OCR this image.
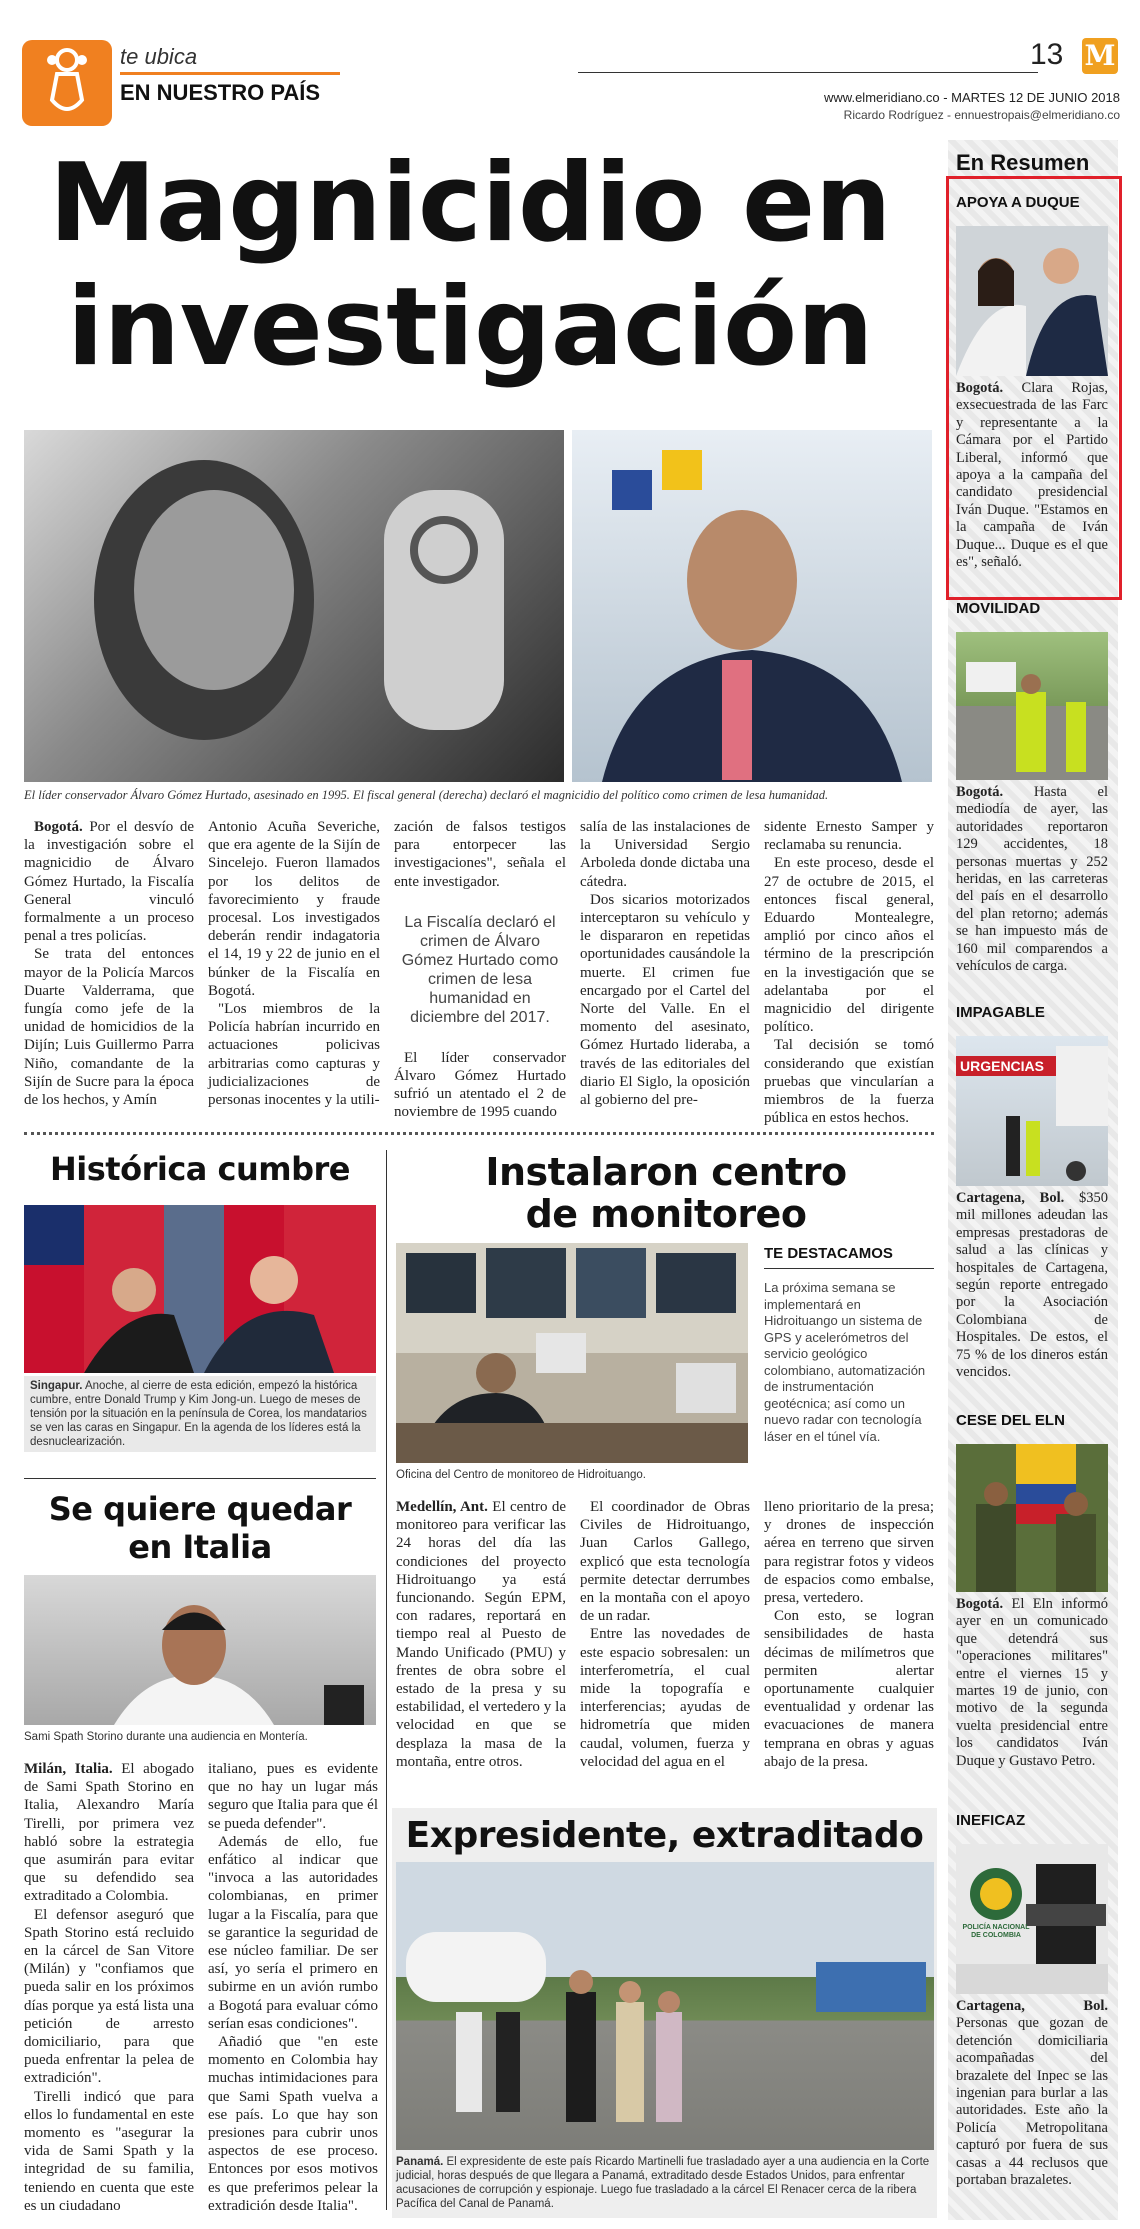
te ubica
EN NUESTRO PAÍS
13 M
www.elmeridiano.co - MARTES 12 DE JUNIO 2018
Ricardo Rodríguez - ennuestropais@elmeridiano.co
Magnicidio en
investigación
El líder conservador Álvaro Gómez Hurtado, asesinado en 1995. El fiscal general (derecha) declaró el magnicidio del político como crimen de lesa humanidad.

Bogotá. Por el desvío de la investigación sobre el magnicidio de Álvaro Gómez Hurtado, la Fiscalía General vinculó formalmente a un proceso penal a tres policías.

Se trata del entonces mayor de la Policía Marcos Duarte Valderrama, que fungía como jefe de la unidad de homicidios de la Dijín; Luis Guillermo Parra Niño, comandante de la Sijín de Sucre para la época de los hechos, y Amín

Antonio Acuña Severiche, que era agente de la Sijín de Sincelejo. Fueron llamados por los delitos de favorecimiento y fraude procesal. Los investigados deberán rendir indagatoria el 14, 19 y 22 de junio en el búnker de la Fiscalía en Bogotá.

"Los miembros de la Policía habrían incurrido en actuaciones policivas arbitrarias como capturas y judicializaciones de personas inocentes y la utili-

zación de falsos testigos para entorpecer las investigaciones", señala el ente investigador.

La Fiscalía declaró el crimen de Álvaro Gómez Hurtado como crimen de lesa humanidad en diciembre del 2017.

El líder conservador Álvaro Gómez Hurtado sufrió un atentado el 2 de noviembre de 1995 cuando

salía de las instalaciones de la Universidad Sergio Arboleda donde dictaba una cátedra.

Dos sicarios motorizados interceptaron su vehículo y le dispararon en repetidas oportunidades causándole la muerte. El crimen fue encargado por el Cartel del Norte del Valle. En el momento del asesinato, Gómez Hurtado lideraba, a través de las editoriales del diario El Siglo, la oposición al gobierno del pre-

sidente Ernesto Samper y reclamaba su renuncia.

En este proceso, desde el 27 de octubre de 2015, el entonces fiscal general, Eduardo Montealegre, amplió por cinco años el término de la prescripción en la investigación que se adelantaba por el magnicidio del dirigente político.

Tal decisión se tomó considerando que existían pruebas que vincularían a miembros de la fuerza pública en estos hechos.

Histórica cumbre
Singapur. Anoche, al cierre de esta edición, empezó la histórica cumbre, entre Donald Trump y Kim Jong-un. Luego de meses de tensión por la situación en la península de Corea, los mandatarios se ven las caras en Singapur. En la agenda de los líderes está la desnuclearización.
Se quiere quedar
en Italia
Sami Spath Storino durante una audiencia en Montería.

Milán, Italia. El abogado de Sami Spath Storino en Italia, Alexandro María Tirelli, por primera vez habló sobre la estrategia que asumirán para evitar que su defendido sea extraditado a Colombia.

El defensor aseguró que Spath Storino está recluido en la cárcel de San Vitore (Milán) y "confiamos que pueda salir en los próximos días porque ya está lista una petición de arresto domiciliario, para que pueda enfrentar la pelea de extradición".

Tirelli indicó que para ellos lo fundamental en este momento es "asegurar la vida de Sami Spath y la integridad de su familia, teniendo en cuenta que este es un ciudadano

italiano, pues es evidente que no hay un lugar más seguro que Italia para que él se pueda defender".

Además de ello, fue enfático al indicar que "invoca a las autoridades colombianas, en primer lugar a la Fiscalía, para que se garantice la seguridad de ese núcleo familiar. De ser así, yo sería el primero en subirme en un avión rumbo a Bogotá para evaluar cómo serían esas condiciones".

Añadió que "en este momento en Colombia hay muchas intimidaciones para que Sami Spath vuelva a ese país. Lo que hay son presiones para cubrir unos aspectos de ese proceso. Entonces por esos motivos es que preferimos pelear la extradición desde Italia".

Instalaron centro
de monitoreo
Oficina del Centro de monitoreo de Hidroituango.
TE DESTACAMOS
La próxima semana se implementará en Hidroituango un sistema de GPS y acelerómetros del servicio geológico colombiano, automatización de instrumentación geotécnica; así como un nuevo radar con tecnología láser en el túnel vía.

Medellín, Ant. El centro de monitoreo para verificar las 24 horas del día las condiciones del proyecto Hidroituango ya está funcionando. Según EPM, con radares, reportará en tiempo real al Puesto de Mando Unificado (PMU) y frentes de obra sobre el estado de la presa y su estabilidad, el vertedero y la velocidad en que se desplaza la masa de la montaña, entre otros.

El coordinador de Obras Civiles de Hidroituango, Juan Carlos Gallego, explicó que esta tecnología permite detectar derrumbes en la montaña con el apoyo de un radar.

Entre las novedades de este espacio sobresalen: un interferometría, el cual mide la topografía e interferencias; ayudas de hidrometría que miden caudal, volumen, fuerza y velocidad del agua en el

lleno prioritario de la presa; y drones de inspección aérea en terreno que sirven para registrar fotos y videos de espacios como embalse, presa, vertedero.

Con esto, se logran sensibilidades de hasta décimas de milímetros que permiten alertar oportunamente cualquier eventualidad y ordenar las evacuaciones de manera temprana en obras y aguas abajo de la presa.

Expresidente, extraditado
Panamá. El expresidente de este país Ricardo Martinelli fue trasladado ayer a una audiencia en la Corte judicial, horas después de que llegara a Panamá, extraditado desde Estados Unidos, para enfrentar acusaciones de corrupción y espionaje. Luego fue trasladado a la cárcel El Renacer cerca de la ribera Pacífica del Canal de Panamá.
En Resumen
APOYA A DUQUE
Bogotá. Clara Rojas, exsecuestrada de las Farc y representante a la Cámara por el Partido Liberal, informó que apoya a la campaña del candidato presidencial Iván Duque. "Estamos en la campaña de Iván Duque... Duque es el que es", señaló.
MOVILIDAD
Bogotá. Hasta el mediodía de ayer, las autoridades reportaron 129 accidentes, 18 personas muertas y 252 heridas, en las carreteras del país en el desarrollo del plan retorno; además se han impuesto más de 160 mil comparendos a vehículos de carga.
IMPAGABLE
URGENCIAS
Cartagena, Bol. $350 mil millones adeudan las empresas prestadoras de salud a las clínicas y hospitales de Cartagena, según reporte entregado por la Asociación Colombiana de Hospitales. De estos, el 75 % de los dineros están vencidos.
CESE DEL ELN
Bogotá. El Eln informó ayer en un comunicado que detendrá sus "operaciones militares" entre el viernes 15 y martes 19 de junio, con motivo de la segunda vuelta presidencial entre los candidatos Iván Duque y Gustavo Petro.
INEFICAZ
POLICÍA NACIONAL DE COLOMBIA
Cartagena, Bol. Personas que gozan de detención domiciliaria acompañadas del brazalete del Inpec se las ingenian para burlar a las autoridades. Este año la Policía Metropolitana capturó por fuera de sus casas a 44 reclusos que portaban brazaletes.
